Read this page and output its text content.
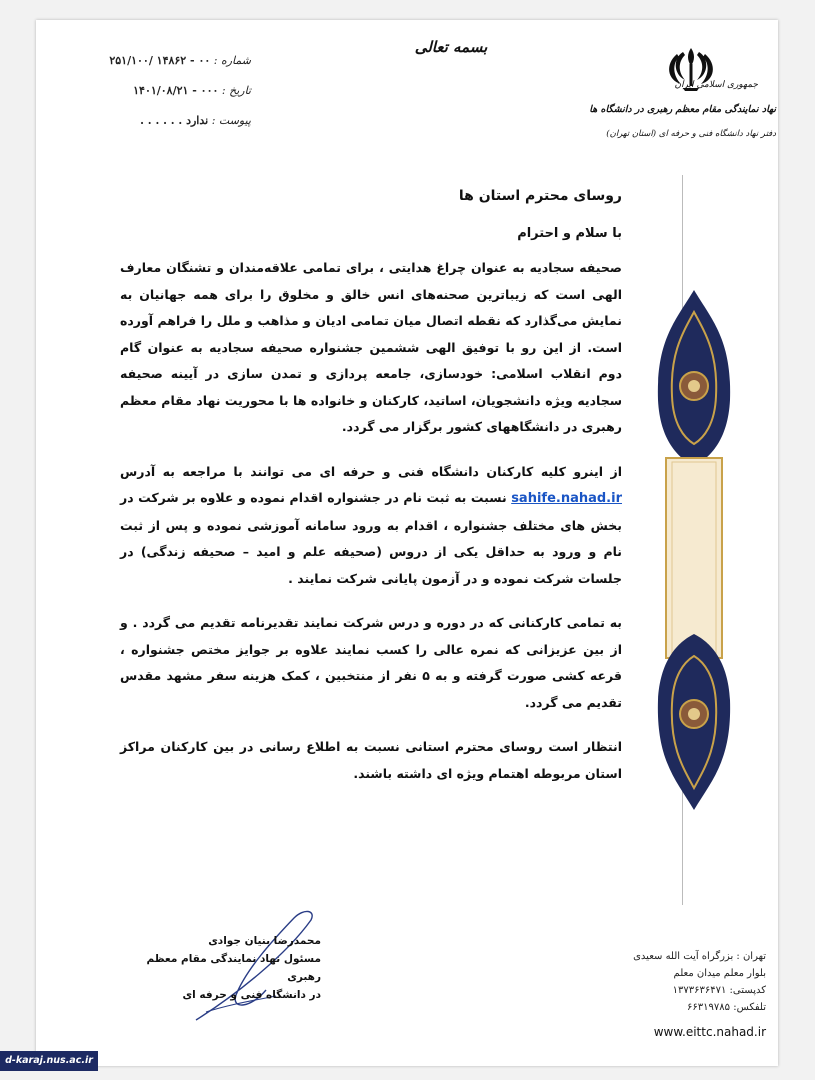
بسمه تعالی
شماره : ۰۰ - ۱۴۸۶۲ /۲۵۱/۱۰۰
تاریخ : ۰۰۰ - ۱۴۰۱/۰۸/۲۱
پیوست : ندارد . . . . . .
جمهوری اسلامی ایران
نهاد نمایندگی مقام معظم رهبری در دانشگاه ها
دفتر نهاد دانشگاه فنی و حرفه ای (استان تهران)

روسای محترم استان ها

با سلام و احترام

صحیفه سجادیه به عنوان چراغ هدایتی ، برای تمامی علاقه‌مندان و تشنگان معارف الهی است که زیباترین صحنه‌های انس خالق و مخلوق را برای همه جهانیان به نمایش می‌گذارد که نقطه اتصال میان تمامی ادیان و مذاهب و ملل را فراهم آورده است. از این رو با توفیق الهی ششمین جشنواره صحیفه سجادیه به عنوان گام دوم انقلاب اسلامی: خودسازی، جامعه پردازی و تمدن سازی در آیینه صحیفه سجادیه ویژه دانشجویان، اساتید، کارکنان و خانواده ها با محوریت نهاد مقام معظم رهبری در دانشگاههای کشور برگزار می گردد.

از اینرو کلیه کارکنان دانشگاه فنی و حرفه ای می توانند با مراجعه به آدرس sahife.nahad.ir نسبت به ثبت نام در جشنواره اقدام نموده و علاوه بر شرکت در بخش های مختلف جشنواره ، اقدام به ورود سامانه آموزشی نموده و پس از ثبت نام و ورود به حداقل یکی از دروس (صحیفه علم و امید – صحیفه زندگی) در جلسات شرکت نموده و در آزمون پایانی شرکت نمایند .

به تمامی کارکنانی که در دوره و درس شرکت نمایند تقدیرنامه تقدیم می گردد . و از بین عزیزانی که نمره عالی را کسب نمایند علاوه بر جوایز مختص جشنواره ، قرعه کشی صورت گرفته و به ۵ نفر از منتخبین ، کمک هزینه سفر مشهد مقدس تقدیم می گردد.

انتظار است روسای محترم استانی نسبت به اطلاع رسانی در بین کارکنان مراکز استان مربوطه اهتمام ویژه ای داشته باشند.

محمدرضا بنیان جوادی
مسئول نهاد نمایندگی مقام معظم رهبری
در دانشگاه فنی و حرفه ای
تهران : بزرگراه آیت الله سعیدی
بلوار معلم میدان معلم
کدپستی: ۱۳۷۳۶۳۶۴۷۱
تلفکس: ۶۶۳۱۹۷۸۵
www.eittc.nahad.ir
d-karaj.nus.ac.ir
